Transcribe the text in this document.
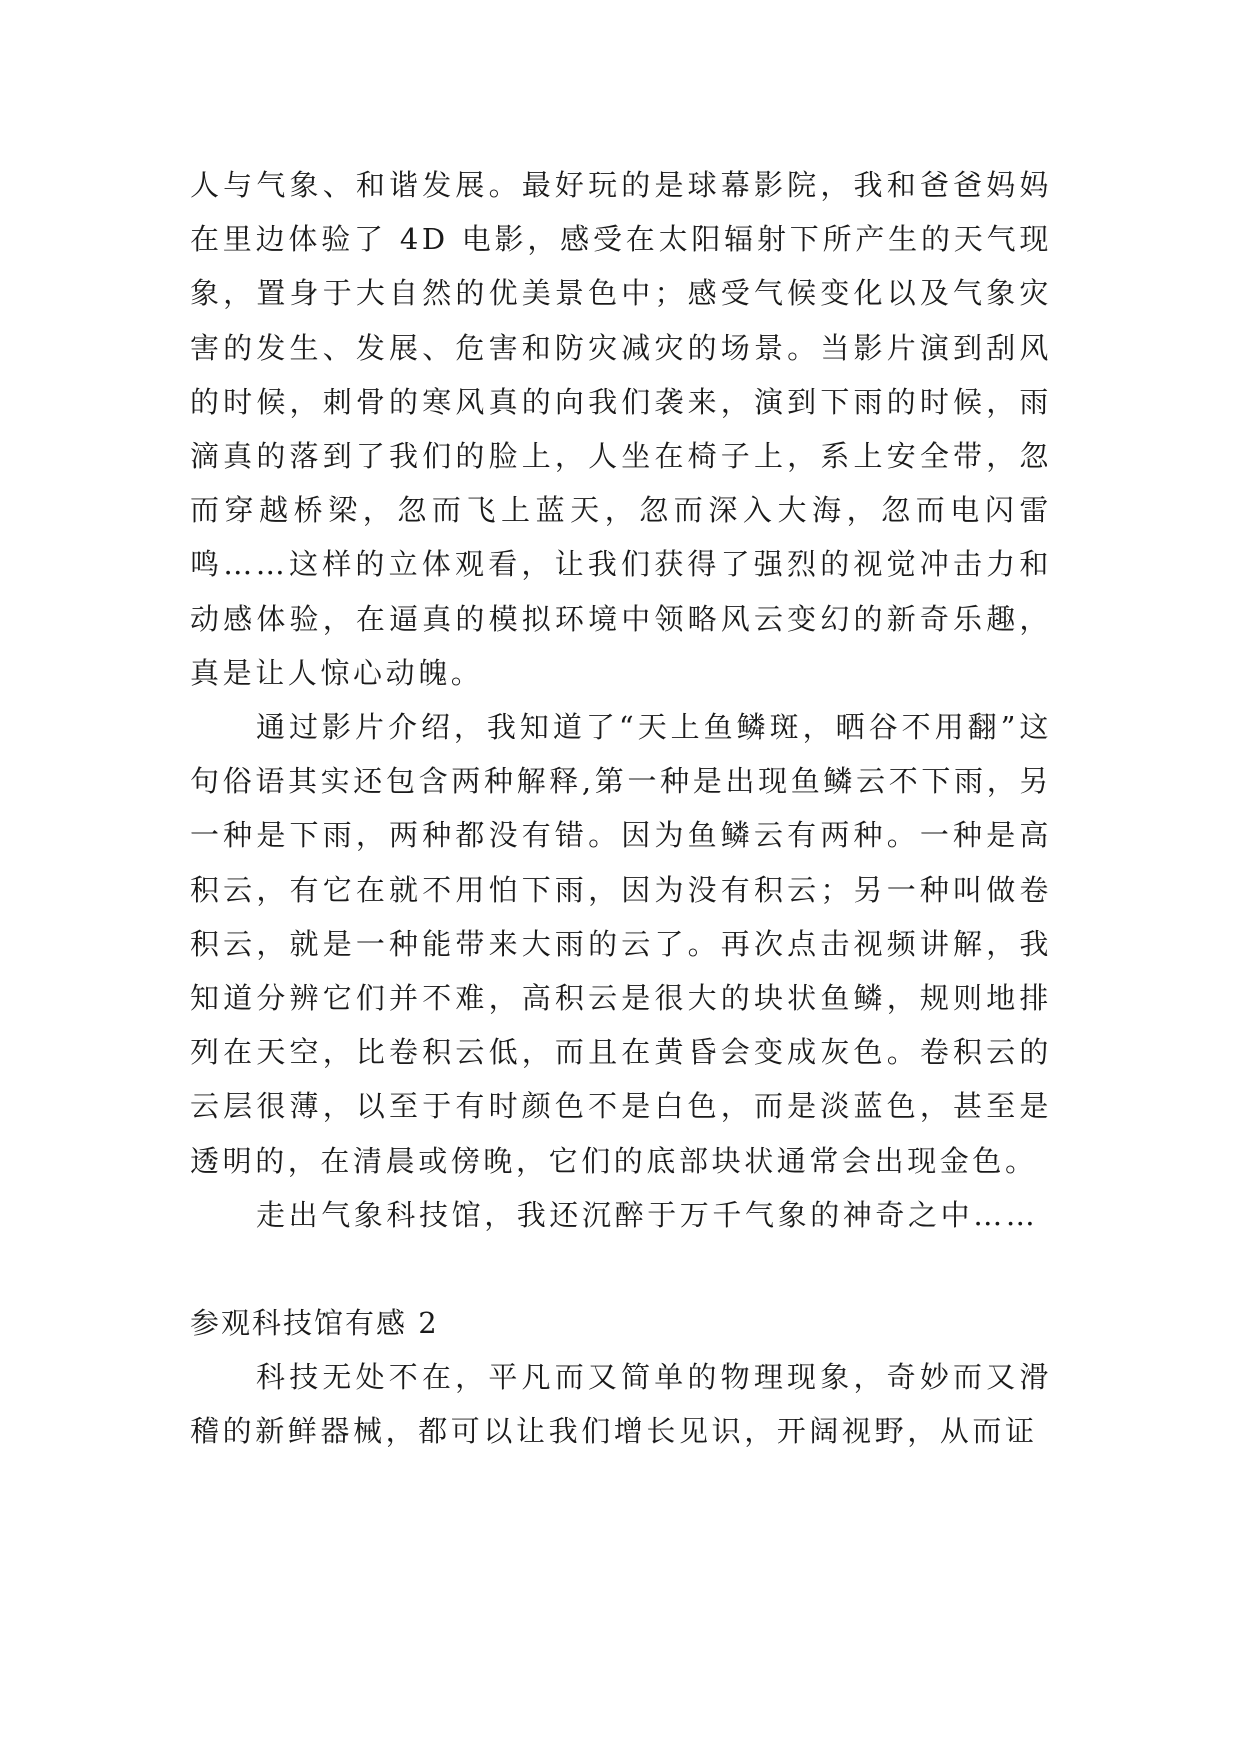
人与气象、和谐发展。最好玩的是球幕影院，我和爸爸妈妈在里边体验了 4D 电影，感受在太阳辐射下所产生的天气现象，置身于大自然的优美景色中；感受气候变化以及气象灾害的发生、发展、危害和防灾减灾的场景。当影片演到刮风的时候，刺骨的寒风真的向我们袭来，演到下雨的时候，雨滴真的落到了我们的脸上，人坐在椅子上，系上安全带，忽而穿越桥梁，忽而飞上蓝天，忽而深入大海，忽而电闪雷鸣……这样的立体观看，让我们获得了强烈的视觉冲击力和动感体验，在逼真的模拟环境中领略风云变幻的新奇乐趣，真是让人惊心动魄。

通过影片介绍，我知道了“天上鱼鳞斑，晒谷不用翻”这句俗语其实还包含两种解释,第一种是出现鱼鳞云不下雨，另一种是下雨，两种都没有错。因为鱼鳞云有两种。一种是高积云，有它在就不用怕下雨，因为没有积云；另一种叫做卷积云，就是一种能带来大雨的云了。再次点击视频讲解，我知道分辨它们并不难，高积云是很大的块状鱼鳞，规则地排列在天空，比卷积云低，而且在黄昏会变成灰色。卷积云的云层很薄，以至于有时颜色不是白色，而是淡蓝色，甚至是透明的，在清晨或傍晚，它们的底部块状通常会出现金色。

走出气象科技馆，我还沉醉于万千气象的神奇之中……

参观科技馆有感 2

科技无处不在，平凡而又简单的物理现象，奇妙而又滑稽的新鲜器械，都可以让我们增长见识，开阔视野，从而证
